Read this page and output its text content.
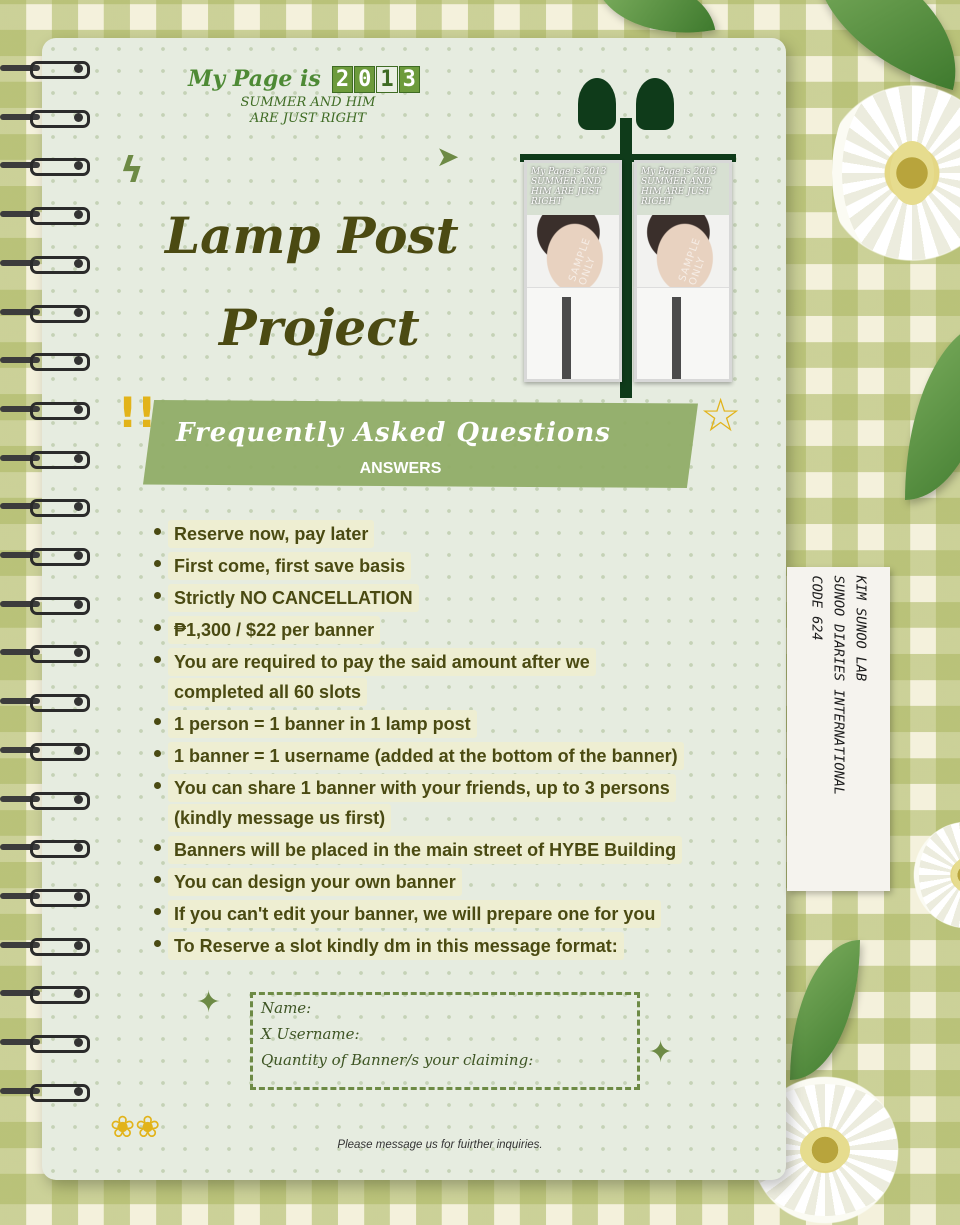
My Page is 2 0 1 3
SUMMER AND HIM
ARE JUST RIGHT
ϟ	➤
Lamp Post
Project
My Page is 2013 SUMMER AND HIM ARE JUST RIGHT
SAMPLE ONLY
My Page is 2013 SUMMER AND HIM ARE JUST RIGHT
SAMPLE ONLY
!!	☆
Frequently Asked Questions
ANSWERS
Reserve now, pay later
First come, first save basis
Strictly NO CANCELLATION
₱1,300 / $22 per banner
You are required to pay the said amount after we
completed all 60 slots
1 person = 1 banner in 1 lamp post
1 banner = 1 username (added at the bottom of the banner)
You can share 1 banner with your friends, up to 3 persons
(kindly message us first)
Banners will be placed in the main street of HYBE Building
You can design your own banner
If you can't edit your banner, we will prepare one for you
To Reserve a slot kindly dm in this message format:
✦
✦
Name:
X Username:
Quantity of Banner/s your claiming:
❀❀	Please message us for fuirther inquiries.
KIM SUNOO LAB
SUNOO DIARIES INTERNATIONAL
CODE 624
